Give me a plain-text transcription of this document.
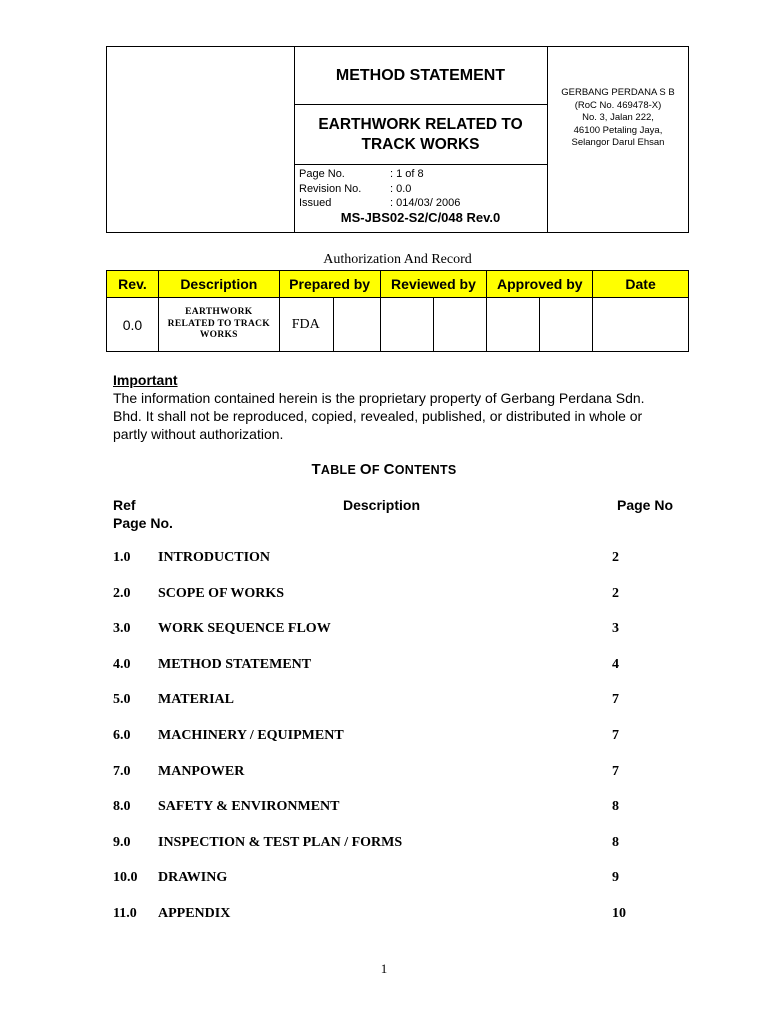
METHOD STATEMENT
EARTHWORK RELATED TO
TRACK WORKS
Page No.	: 1 of 8
Revision No.	: 0.0
Issued	: 014/03/ 2006
MS-JBS02-S2/C/048 Rev.0
GERBANG PERDANA S B
(RoC No. 469478-X)
No. 3, Jalan 222,
46100 Petaling Jaya,
Selangor Darul Ehsan
Authorization And Record
Rev.	Description	Prepared by		Reviewed by		Approved by		Date
0.0	EARTHWORK
RELATED TO TRACK
WORKS	FDA						
Important
The information contained herein is the proprietary property of Gerbang Perdana Sdn. Bhd. It shall not be reproduced, copied, revealed, published, or distributed in whole or partly without authorization.
TABLE OF CONTENTS
Ref	Description	Page No
Page No.
1.0 INTRODUCTION	2
2.0 SCOPE OF WORKS	2
3.0 WORK SEQUENCE FLOW	3
4.0 METHOD STATEMENT	4
5.0 MATERIAL	7
6.0 MACHINERY / EQUIPMENT	7
7.0 MANPOWER	7
8.0 SAFETY & ENVIRONMENT	8
9.0 INSPECTION & TEST PLAN / FORMS	8
10.0 DRAWING	9
11.0 APPENDIX	10
1
